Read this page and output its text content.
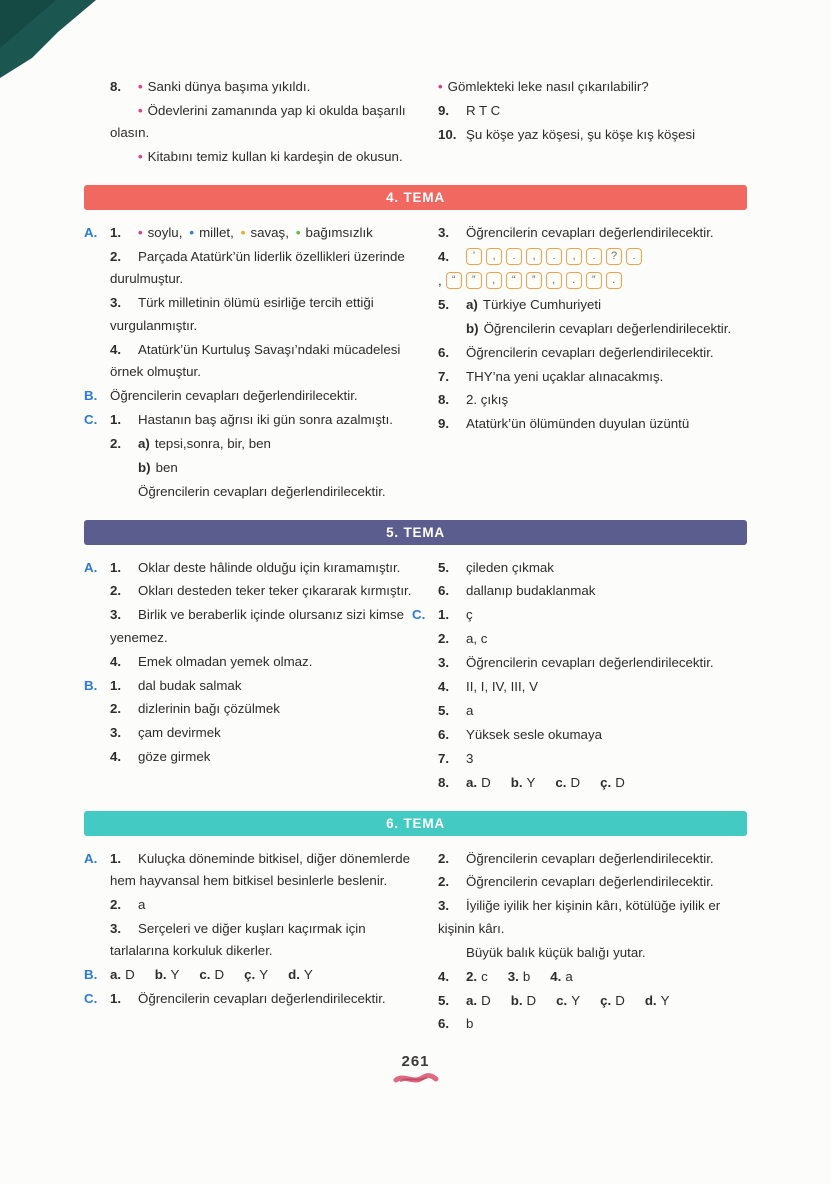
8. • Sanki dünya başıma yıkıldı.

• Ödevlerini zamanında yap ki okulda başarılı olasın.

• Kitabını temiz kullan ki kardeşin de okusun.

• Gömlekteki leke nasıl çıkarılabilir?

9. R T C

10. Şu köşe yaz köşesi, şu köşe kış köşesi

4. TEMA

A. 1. • soylu, • millet, • savaş, • bağımsızlık

2. Parçada Atatürk’ün liderlik özellikleri üzerinde durulmuştur.

3. Türk milletinin ölümü esirliğe tercih ettiği vurgulanmıştır.

4. Atatürk’ün Kurtuluş Savaşı’ndaki mücadelesi örnek olmuştur.

B. Öğrencilerin cevapları değerlendirilecektir.

C. 1. Hastanın baş ağrısı iki gün sonra azalmıştı.

2. a) tepsi,sonra, bir, ben

b) ben

Öğrencilerin cevapları değerlendirilecektir.

3. Öğrencilerin cevapları değerlendirilecektir.

4. ’ , . , . , . ? .

, “ ” , “ ” , . ” .

5. a) Türkiye Cumhuriyeti

b) Öğrencilerin cevapları değerlendirilecektir.

6. Öğrencilerin cevapları değerlendirilecektir.

7. THY’na yeni uçaklar alınacakmış.

8. 2. çıkış

9. Atatürk’ün ölümünden duyulan üzüntü

5. TEMA

A. 1. Oklar deste hâlinde olduğu için kıramamıştır.

2. Okları desteden teker teker çıkararak kırmıştır.

3. Birlik ve beraberlik içinde olursanız sizi kimse yenemez.

4. Emek olmadan yemek olmaz.

B. 1. dal budak salmak

2. dizlerinin bağı çözülmek

3. çam devirmek

4. göze girmek

5. çileden çıkmak

6. dallanıp budaklanmak

C. 1. ç

2. a, c

3. Öğrencilerin cevapları değerlendirilecektir.

4. II, I, IV, III, V

5. a

6. Yüksek sesle okumaya

7. 3

8. a. D b. Y c. D ç. D

6. TEMA

A. 1. Kuluçka döneminde bitkisel, diğer dönemlerde hem hayvansal hem bitkisel besinlerle beslenir.

2. a

3. Serçeleri ve diğer kuşları kaçırmak için tarlalarına korkuluk dikerler.

B. a. D b. Y c. D ç. Y d. Y

C. 1. Öğrencilerin cevapları değerlendirilecektir.

2. Öğrencilerin cevapları değerlendirilecektir.

2. Öğrencilerin cevapları değerlendirilecektir.

3. İyiliğe iyilik her kişinin kârı, kötülüğe iyilik er kişinin kârı.

Büyük balık küçük balığı yutar.

4. 2. c 3. b 4. a

5. a. D b. D c. Y ç. D d. Y

6. b

261
